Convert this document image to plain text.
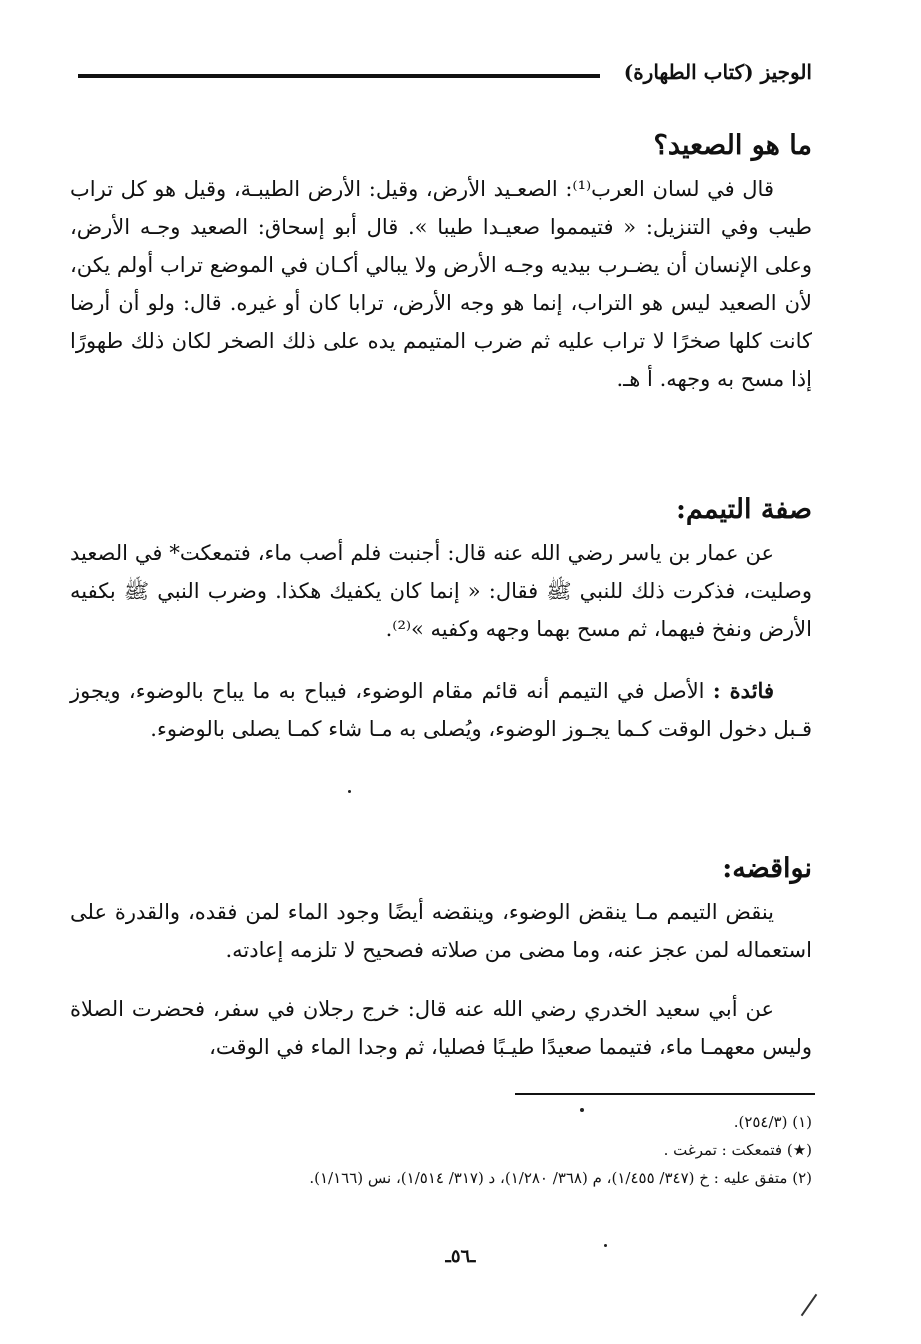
الوجيز (كتاب الطهارة)
ما هو الصعيد؟
قال في لسان العرب⁽¹⁾: الصعـيد الأرض، وقيل: الأرض الطيبـة، وقيل هو كل تراب طيب وفي التنزيل: « فتيمموا صعيـدا طيبا ». قال أبو إسحاق: الصعيد وجـه الأرض، وعلى الإنسان أن يضـرب بيديه وجـه الأرض ولا يبالي أكـان في الموضع تراب أولم يكن، لأن الصعيد ليس هو التراب، إنما هو وجه الأرض، ترابا كان أو غيره. قال: ولو أن أرضا كانت كلها صخرًا لا تراب عليه ثم ضرب المتيمم يده على ذلك الصخر لكان ذلك طهورًا إذا مسح به وجهه. أ هـ.
صفة التيمم:
عن عمار بن ياسر رضي الله عنه قال: أجنبت فلم أصب ماء، فتمعكت* في الصعيد وصليت، فذكرت ذلك للنبي ﷺ فقال: « إنما كان يكفيك هكذا. وضرب النبي ﷺ بكفيه الأرض ونفخ فيهما، ثم مسح بهما وجهه وكفيه »⁽²⁾.
فائدة : الأصل في التيمم أنه قائم مقام الوضوء، فيباح به ما يباح بالوضوء، ويجوز قـبل دخول الوقت كـما يجـوز الوضوء، ويُصلى به مـا شاء كمـا يصلى بالوضوء.
نواقضه:
ينقض التيمم مـا ينقض الوضوء، وينقضه أيضًا وجود الماء لمن فقده، والقدرة على استعماله لمن عجز عنه، وما مضى من صلاته فصحيح لا تلزمه إعادته.
عن أبي سعيد الخدري رضي الله عنه قال: خرج رجلان في سفر، فحضرت الصلاة وليس معهمـا ماء، فتيمما صعيدًا طيـبًا فصليا، ثم وجدا الماء في الوقت،
(١) (٢٥٤/٣).
(★) فتمعكت : تمرغت .
(٢) متفق عليه : خ (٣٤٧/ ١/٤٥٥)، م (٣٦٨/ ١/٢٨٠)، د (٣١٧/ ١/٥١٤)، نس (١/١٦٦).
ـ٥٦ـ
